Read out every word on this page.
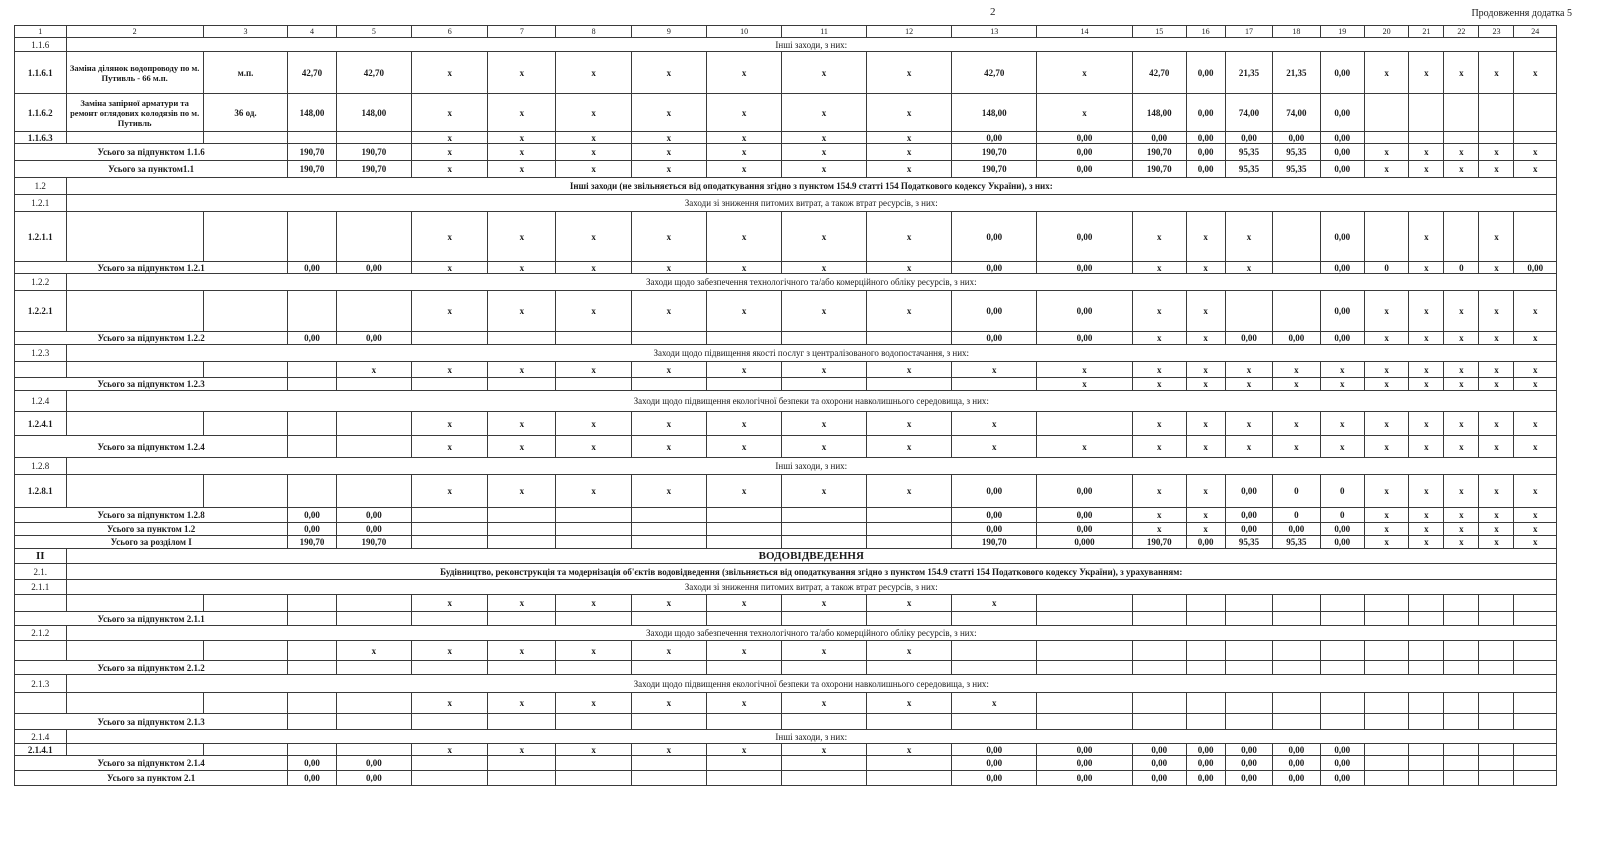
2	Продовження додатка 5
1	2	3	4	5	6	7	8	9	10	11	12	13	14	15	16	17	18	19	20	21	22	23	24
1.1.6	Інші заходи, з них:																						
1.1.6.1	Заміна ділянок водопроводу по м. Путивль - 66 м.п.	м.п.	42,70	42,70	x	x	x	x	x	x	x	42,70	x	42,70	0,00	21,35	21,35	0,00	x	x	x	x	x
1.1.6.2	Заміна запірної арматури та ремонт оглядових колодязів по м. Путивль	36 од.	148,00	148,00	x	x	x	x	x	x	x	148,00	x	148,00	0,00	74,00	74,00	0,00					
1.1.6.3					x	x	x	x	x	x	x	0,00	0,00	0,00	0,00	0,00	0,00	0,00					
Усього за підпунктом 1.1.6			190,70	190,70	x	x	x	x	x	x	x	190,70	0,00	190,70	0,00	95,35	95,35	0,00	x	x	x	x	x
Усього за пунктом1.1			190,70	190,70	x	x	x	x	x	x	x	190,70	0,00	190,70	0,00	95,35	95,35	0,00	x	x	x	x	x
1.2	Інші заходи (не звільняється від оподаткування згідно з пунктом 154.9 статті 154 Податкового кодексу України), з них:																						
1.2.1	Заходи зі зниження питомих витрат, а також втрат ресурсів, з них:																						
1.2.1.1					x	x	x	x	x	x	x	0,00	0,00	x	x	x		0,00		x		x	
Усього за підпунктом 1.2.1			0,00	0,00	x	x	x	x	x	x	x	0,00	0,00	x	x	x		0,00	0	x	0	x	0,00
1.2.2	Заходи щодо забезпечення технологічного та/або комерційного обліку ресурсів, з них:																						
1.2.2.1					x	x	x	x	x	x	x	0,00	0,00	x	x			0,00	x	x	x	x	x
Усього за підпунктом 1.2.2			0,00	0,00								0,00	0,00	x	x	0,00	0,00	0,00	x	x	x	x	x
1.2.3	Заходи щодо підвищення якості послуг з централізованого водопостачання, з них:																						
				x	x	x	x	x	x	x	x	x	x	x	x	x	x	x	x	x	x	x	x
Усього за підпунктом 1.2.3													x	x	x	x	x	x	x	x	x	x	x
1.2.4	Заходи щодо підвищення екологічної безпеки та охорони навколишнього середовища, з них:																						
1.2.4.1					x	x	x	x	x	x	x	x		x	x	x	x	x	x	x	x	x	x
Усього за підпунктом 1.2.4					x	x	x	x	x	x	x	x	x	x	x	x	x	x	x	x	x	x	x
1.2.8	Інші заходи, з них:																						
1.2.8.1					x	x	x	x	x	x	x	0,00	0,00	x	x	0,00	0	0	x	x	x	x	x
Усього за підпунктом 1.2.8			0,00	0,00								0,00	0,00	x	x	0,00	0	0	x	x	x	x	x
Усього за пунктом 1.2			0,00	0,00								0,00	0,00	x	x	0,00	0,00	0,00	x	x	x	x	x
Усього за розділом I			190,70	190,70								190,70	0,000	190,70	0,00	95,35	95,35	0,00	x	x	x	x	x
II	ВОДОВІДВЕДЕННЯ																						
2.1.	Будівництво, реконструкція та модернізація об'єктів водовідведення (звільняється від оподаткування згідно з пунктом 154.9 статті 154 Податкового кодексу України), з урахуванням:																						
2.1.1	Заходи зі зниження питомих витрат, а також втрат ресурсів, з них:																						
					x	x	x	x	x	x	x	x											
Усього за підпунктом 2.1.1																							
2.1.2	Заходи щодо забезпечення технологічного та/або комерційного обліку ресурсів, з них:																						
				x	x	x	x	x	x	x	x												
Усього за підпунктом 2.1.2																							
2.1.3	Заходи щодо підвищення екологічної безпеки та охорони навколишнього середовища, з них:																						
					x	x	x	x	x	x	x	x											
Усього за підпунктом 2.1.3																							
2.1.4	Інші заходи, з них:																						
2.1.4.1					x	x	x	x	x	x	x	0,00	0,00	0,00	0,00	0,00	0,00	0,00					
Усього за підпунктом 2.1.4			0,00	0,00								0,00	0,00	0,00	0,00	0,00	0,00	0,00					
Усього за пунктом 2.1			0,00	0,00								0,00	0,00	0,00	0,00	0,00	0,00	0,00					
